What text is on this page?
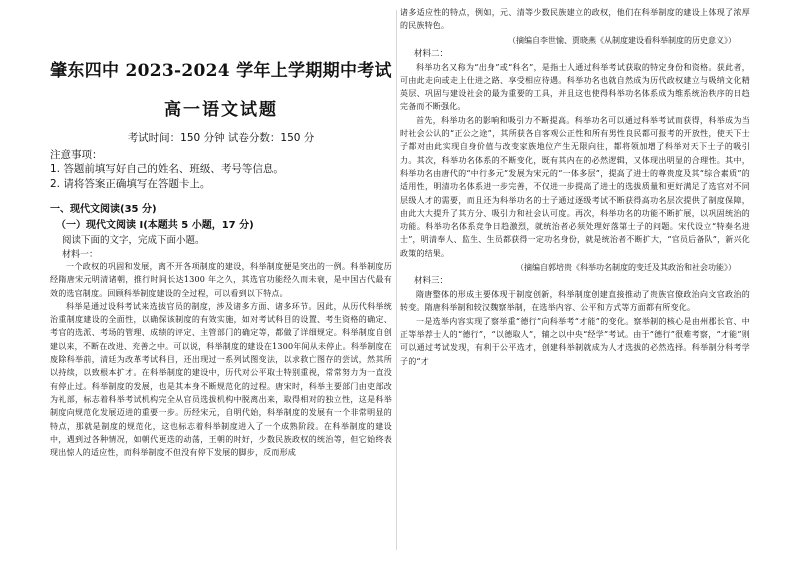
肇东四中 2023-2024 学年上学期期中考试
高一语文试题
考试时间：150 分钟 试卷分数：150 分
注意事项：
1. 答题前填写好自己的姓名、班级、考号等信息。
2. 请将答案正确填写在答题卡上。
一、现代文阅读(35 分)
（一）现代文阅读 I(本题共 5 小题，17 分)
阅读下面的文字，完成下面小题。
材料一：

一个政权的巩固和发展，离不开各项制度的建设，科举制度便是突出的一例。科举制度历经隋唐宋元明清诸朝，推行时间长达1300 年之久，其选官功能经久而未衰，是中国古代最有效的选官制度。回顾科举制度建设的全过程，可以看到以下特点。

科举是通过设科考试来选拔官员的制度，涉及诸多方面、诸多环节。因此，从历代科举统治重制度建设的全面性，以确保该制度的有效实施，如对考试科目的设置、考生资格的确定、考官的选派、考场的管理、成绩的评定、主管部门的确定等，都做了详细规定。科举制度自创建以来，不断在改进、充善之中。可以说，科举制度的建设在1300年间从未停止。科举制度在废除科举前，清廷为改革考试科目，还出现过一系列试图变法，以求救亡图存的尝试，然其所以持续，以致根本扩才。在科举制度的建设中，历代对公平取士特别重视，常常努力为一直没有停止过。科举制度的发展，也是其本身不断规范化的过程。唐宋时，科举主要部门由吏部改为礼部，标志着科举考试机构完全从官员选拔机构中脱离出来，取得相对的独立性，这是科举制度向规范化发展迈进的重要一步。历经宋元，自明代始，科举制度的发展有一个非常明显的特点，那就是制度的规范化，这也标志着科举制度进入了一个成熟阶段。在科举制度的建设中，遇到过各种情况，如朝代更迭的动荡，王朝的时好，少数民族政权的统治等，但它始终表现出惊人的适应性，而科举制度不但没有停下发展的脚步，反而形成

诸多适应性的特点，例如，元、清等少数民族建立的政权，他们在科举制度的建设上体现了浓厚的民族特色。

（摘编自李世愉、贾晓燕《从制度建设看科举制度的历史意义》）
材料二：

科举功名又称为“出身”或“科名”，是指士人通过科举考试获取的特定身份和资格。获此者，可由此走向或走上仕进之路、享受相应待遇。科举功名也就自然成为历代政权建立与吸纳文化精英层、巩固与建设社会的最为重要的工具，并且这也使得科举功名体系成为维系统治秩序的日趋完备而不断强化。

首先，科举功名的影响和吸引力不断提高。科举功名可以通过科举考试而获得，科举成为当时社会公认的“正公之途”，其所获各自客观公正性和所有男性良民都可报考的开放性，使天下士子都对由此实现自身价值与改变家族地位产生无限向往，都将领加增了科举对天下士子的吸引力。其次，科举功名体系的不断变化，既有其内在的必然逻辑，又体现出明显的合理性。其中，科举功名由唐代的“中行多元”发展为宋元的“一体多层”，提高了进士的尊贵度及其“综合素质”的适用性，明清功名体系进一步完善，不仅进一步提高了进士的选拔质量和更好满足了选官对不同层级人才的需要，而且还为科举功名的士子通过逐级考试不断获得高功名层次提供了制度保障，由此大大提升了其方分、吸引力和社会认可度。再次，科举功名的功能不断扩展，以巩固统治的功能。科举功名体系竞争日趋激烈，就统治者必须处理好落第士子的问题。宋代设立“特奏名进士”，明清奉人、监生、生员都获得一定功名身份，就是统治者不断扩大，“官员后备队”，新兴化政策的结果。

（摘编自郭培贵《科举功名制度的变迁及其政治和社会功能》）
材料三：

隋唐整体的形成主要体现于制度创新，科举制度创建直接推动了贵族官僚政治向文官政治的转变。隋唐科举制和较汉魏察举制，在选举内容、公平和方式等方面都有所变化。

一是选举内容实现了察举重“德行”向科举考“才能”的变化。察举制的核心是由州郡长官、中正等举荐士人的“德行”，“以德取人”，辅之以中央“经学”考试。由于“德行”很难考察，“才能”则可以通过考试发现，有利于公平选才，创建科举制就成为人才选拔的必然选择。科举制分科考学子的“才
